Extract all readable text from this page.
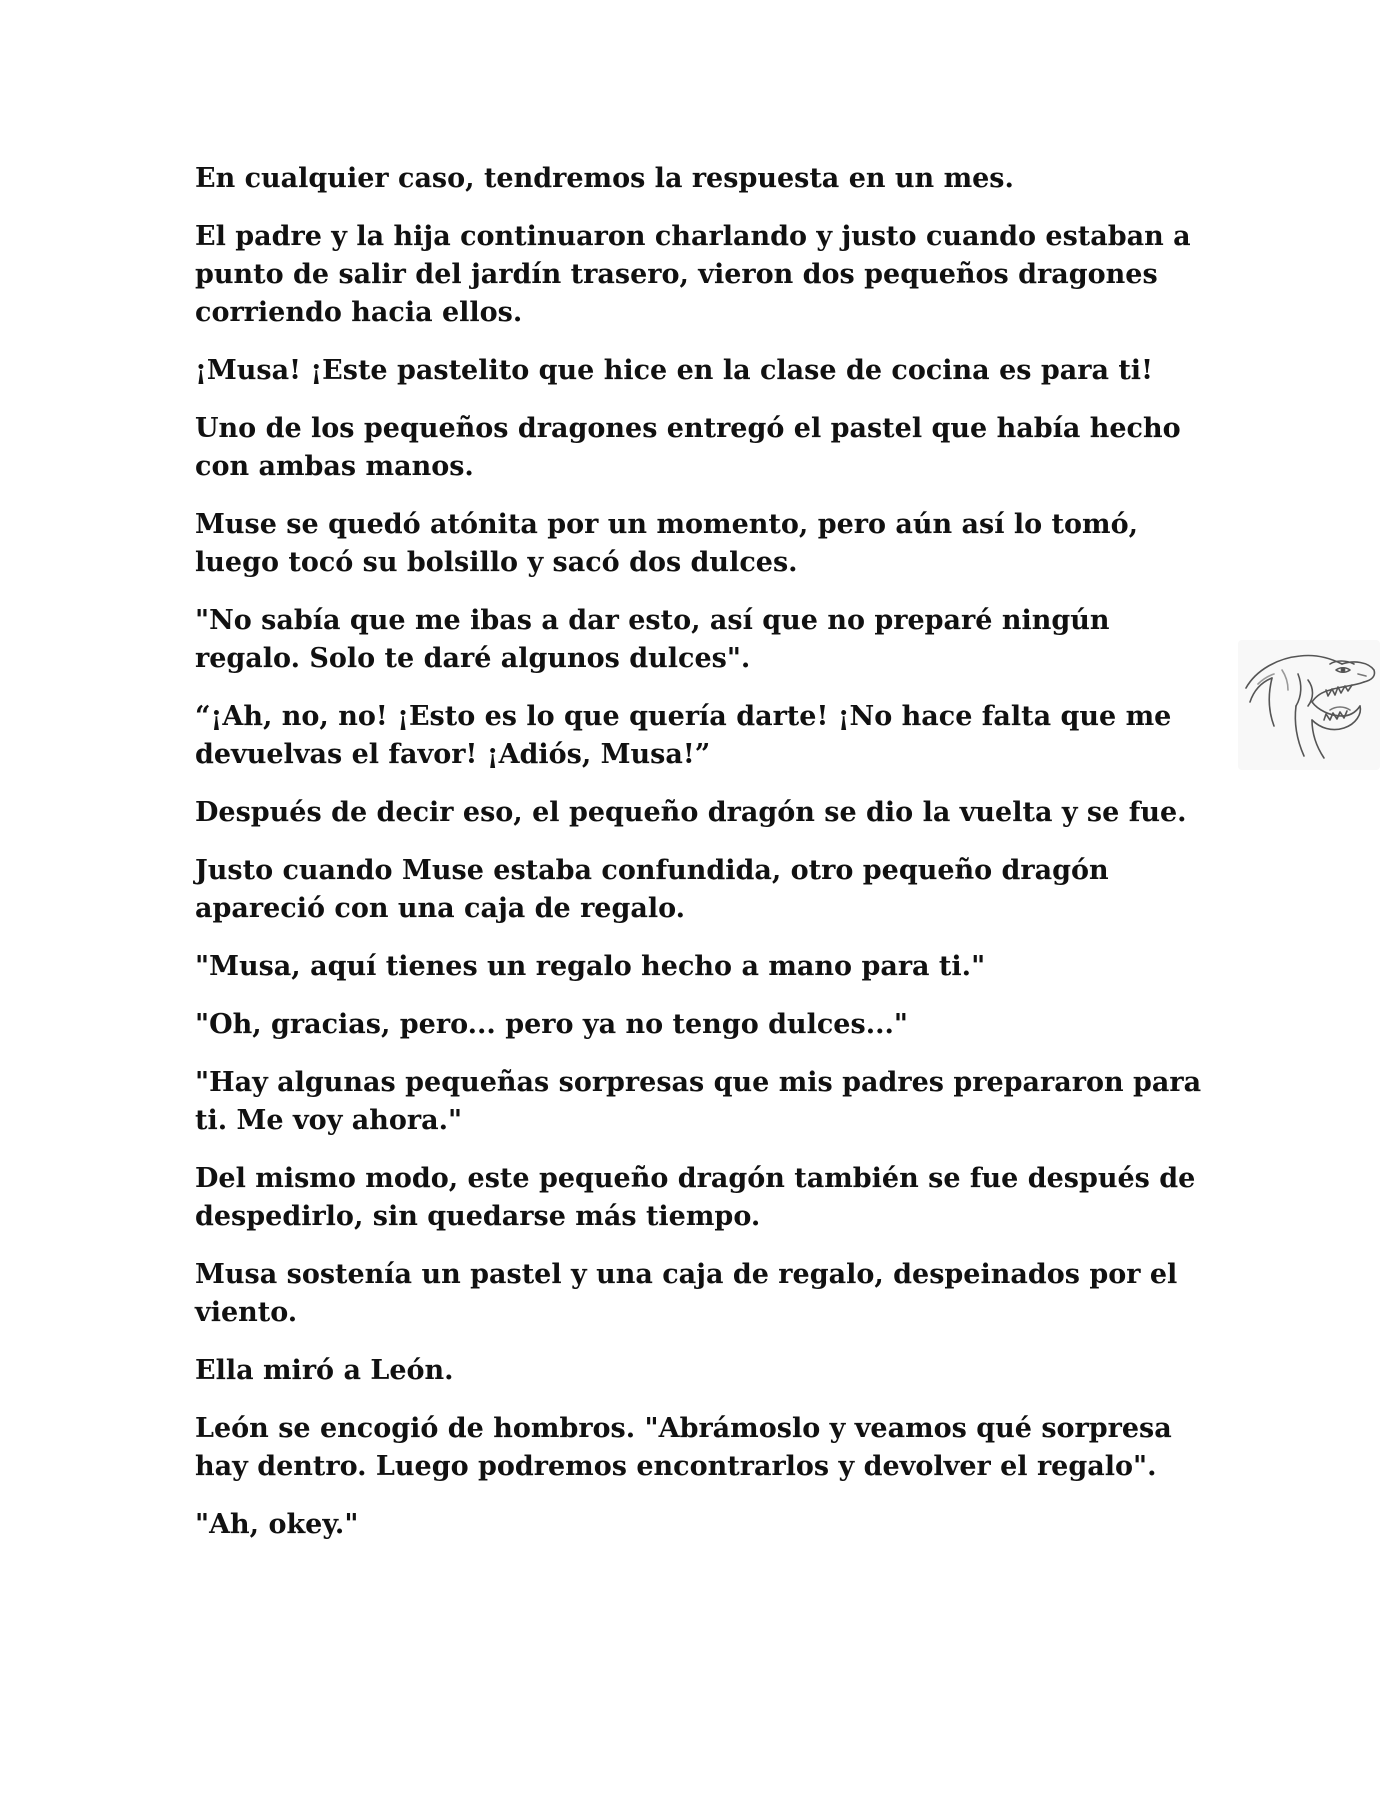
En cualquier caso, tendremos la respuesta en un mes.

El padre y la hija continuaron charlando y justo cuando estaban a punto de salir del jardín trasero, vieron dos pequeños dragones corriendo hacia ellos.

¡Musa! ¡Este pastelito que hice en la clase de cocina es para ti!

Uno de los pequeños dragones entregó el pastel que había hecho con ambas manos.

Muse se quedó atónita por un momento, pero aún así lo tomó, luego tocó su bolsillo y sacó dos dulces.

"No sabía que me ibas a dar esto, así que no preparé ningún regalo. Solo te daré algunos dulces".

“¡Ah, no, no! ¡Esto es lo que quería darte! ¡No hace falta que me devuelvas el favor! ¡Adiós, Musa!”

Después de decir eso, el pequeño dragón se dio la vuelta y se fue.

Justo cuando Muse estaba confundida, otro pequeño dragón apareció con una caja de regalo.

"Musa, aquí tienes un regalo hecho a mano para ti."

"Oh, gracias, pero... pero ya no tengo dulces..."

"Hay algunas pequeñas sorpresas que mis padres prepararon para ti. Me voy ahora."

Del mismo modo, este pequeño dragón también se fue después de despedirlo, sin quedarse más tiempo.

Musa sostenía un pastel y una caja de regalo, despeinados por el viento.

Ella miró a León.

León se encogió de hombros. "Abrámoslo y veamos qué sorpresa hay dentro. Luego podremos encontrarlos y devolver el regalo".

"Ah, okey."
